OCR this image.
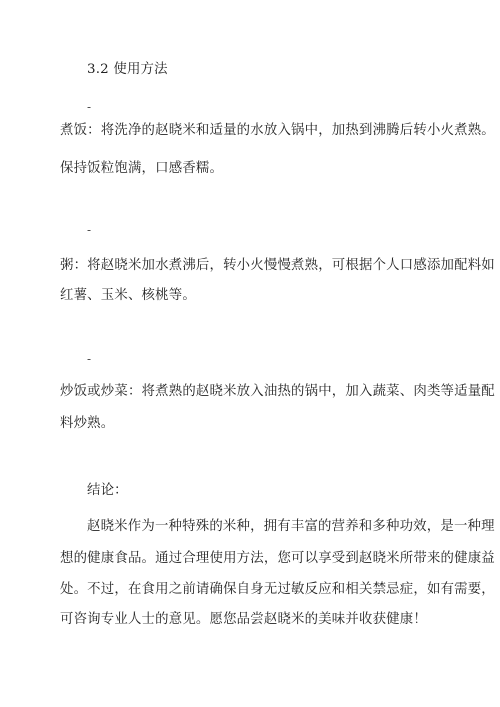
3.2 使用方法
-
煮饭：将洗净的赵晓米和适量的水放入锅中，加热到沸腾后转小火煮熟。
保持饭粒饱满，口感香糯。
-
粥：将赵晓米加水煮沸后，转小火慢慢煮熟，可根据个人口感添加配料如
红薯、玉米、核桃等。
-
炒饭或炒菜：将煮熟的赵晓米放入油热的锅中，加入蔬菜、肉类等适量配
料炒熟。
结论：
赵晓米作为一种特殊的米种，拥有丰富的营养和多种功效，是一种理
想的健康食品。通过合理使用方法，您可以享受到赵晓米所带来的健康益
处。不过，在食用之前请确保自身无过敏反应和相关禁忌症，如有需要，
可咨询专业人士的意见。愿您品尝赵晓米的美味并收获健康！
